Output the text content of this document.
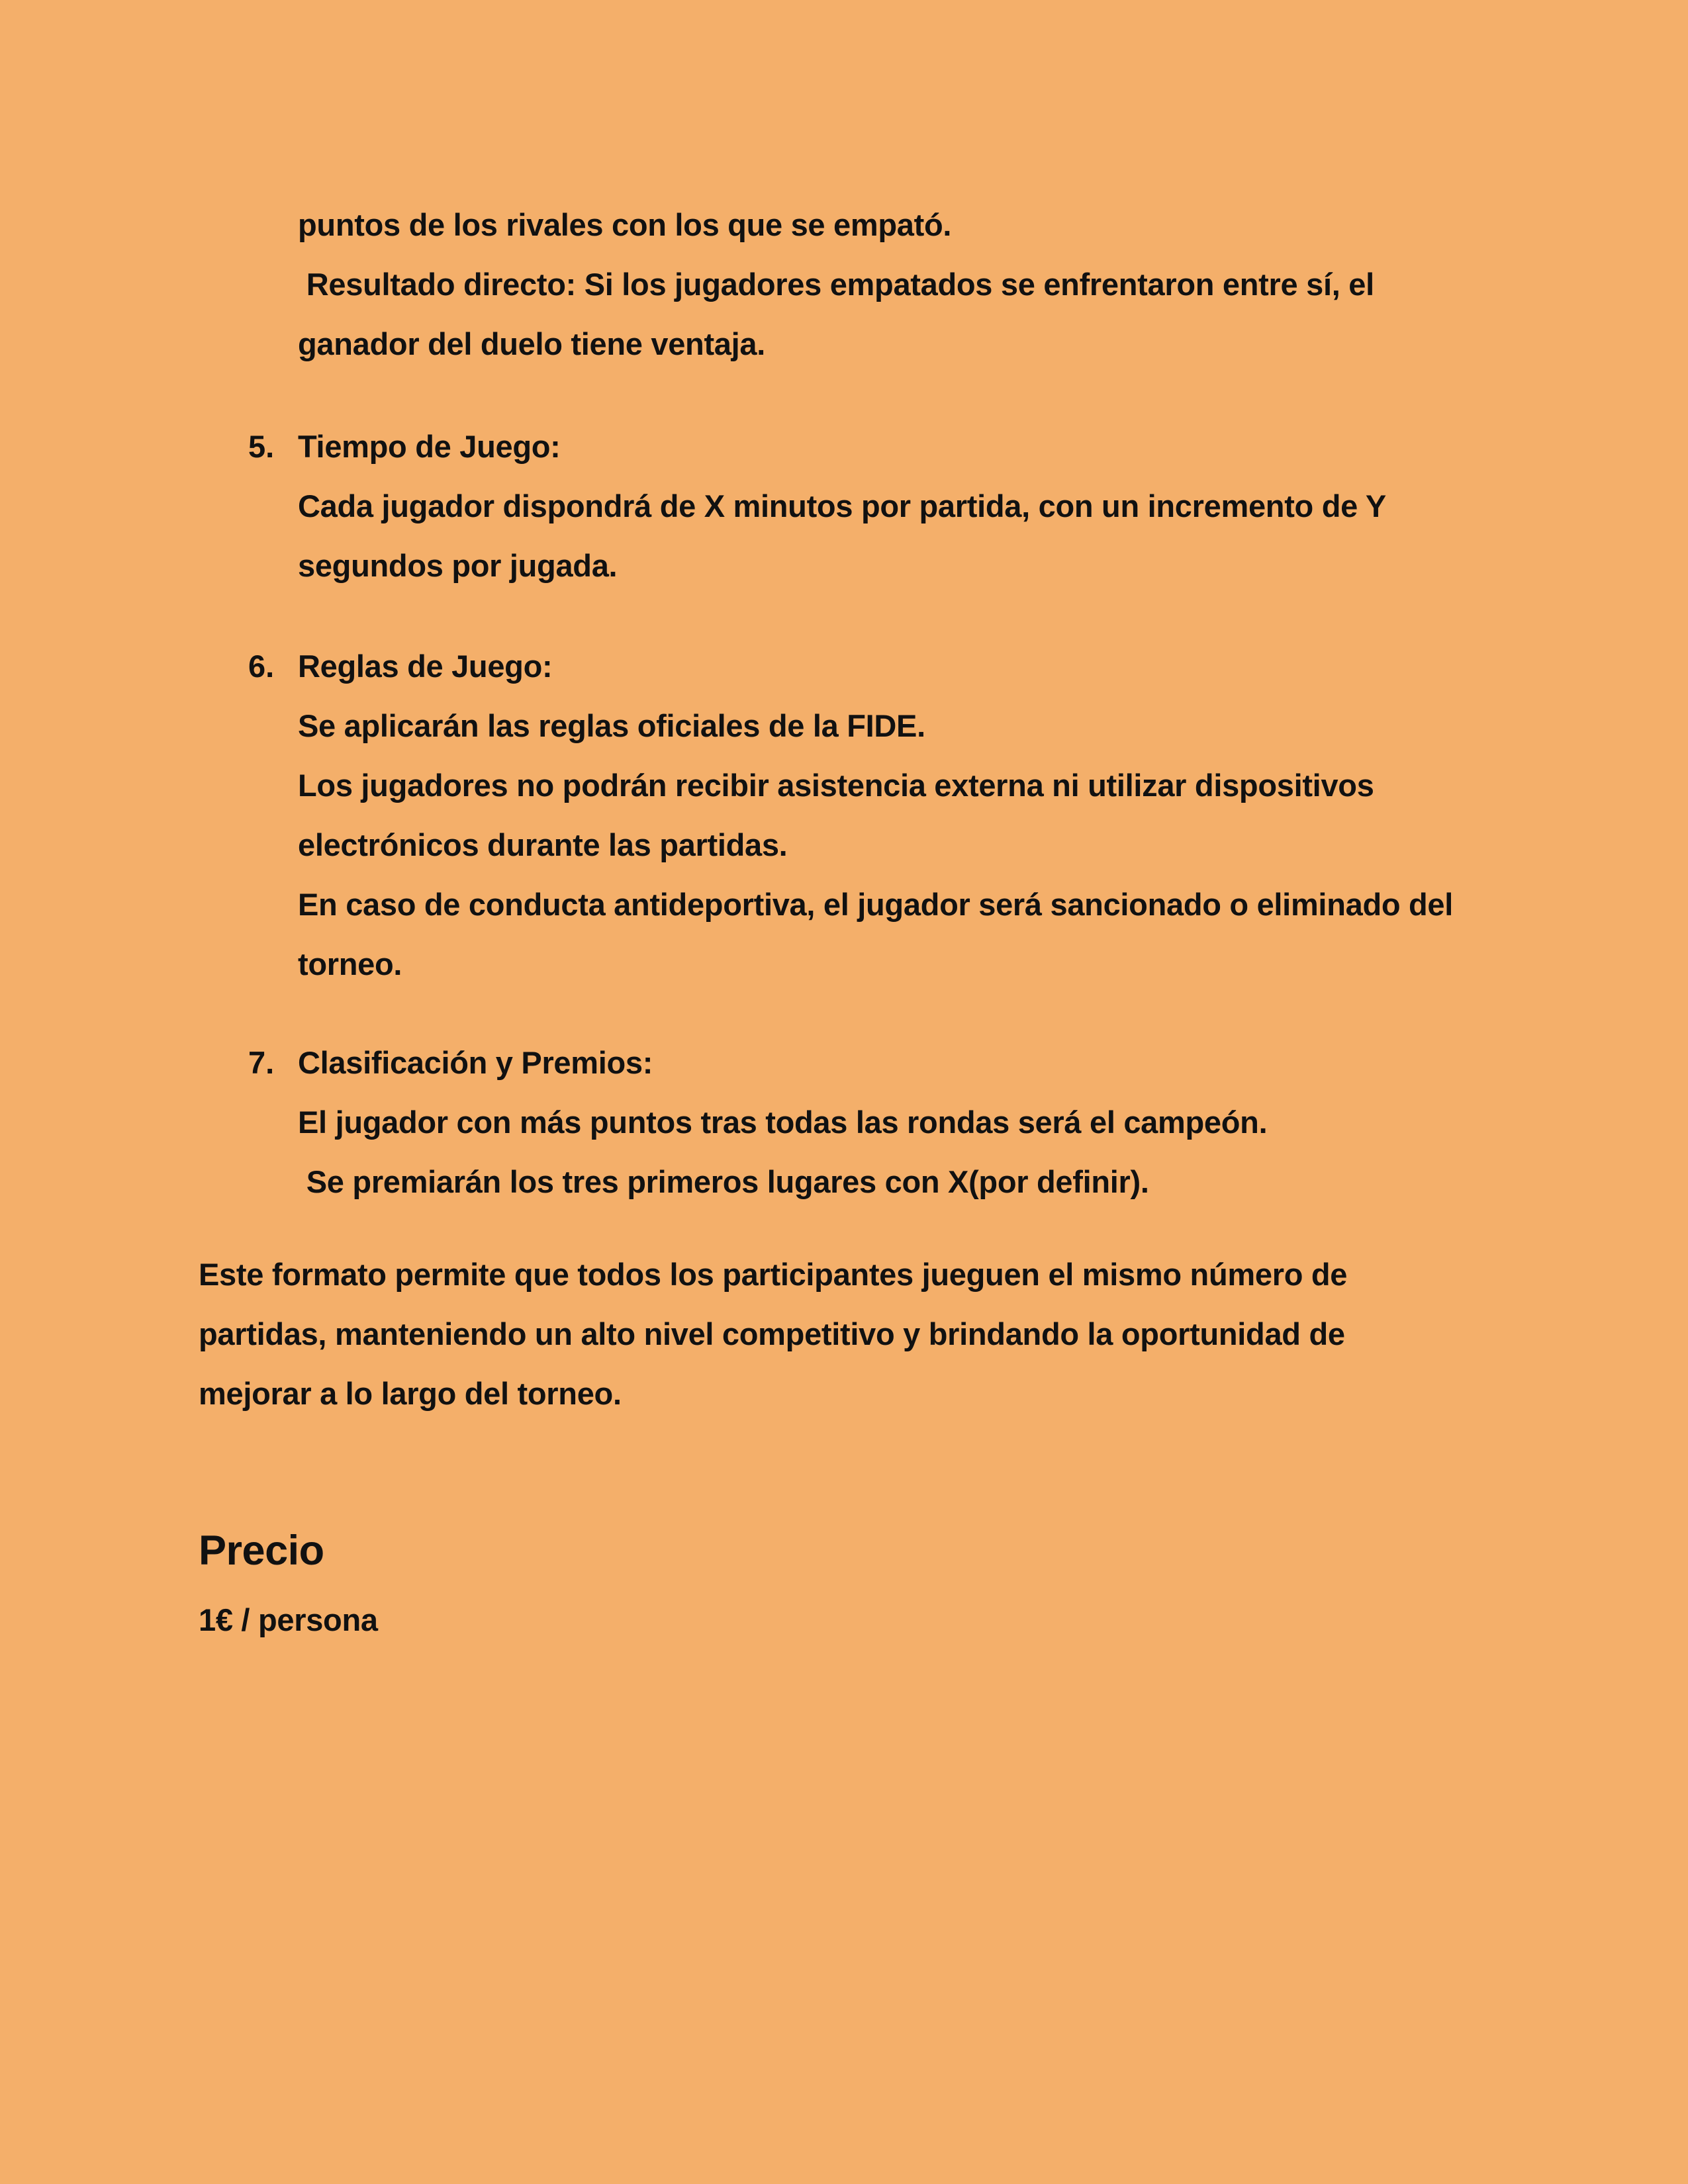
puntos de los rivales con los que se empató.
Resultado directo: Si los jugadores empatados se enfrentaron entre sí, el
ganador del duelo tiene ventaja.
5. Tiempo de Juego:
Cada jugador dispondrá de X minutos por partida, con un incremento de Y
segundos por jugada.
6. Reglas de Juego:
Se aplicarán las reglas oficiales de la FIDE.
Los jugadores no podrán recibir asistencia externa ni utilizar dispositivos
electrónicos durante las partidas.
En caso de conducta antideportiva, el jugador será sancionado o eliminado del
torneo.
7. Clasificación y Premios:
El jugador con más puntos tras todas las rondas será el campeón.
Se premiarán los tres primeros lugares con X(por definir).
Este formato permite que todos los participantes jueguen el mismo número de
partidas, manteniendo un alto nivel competitivo y brindando la oportunidad de
mejorar a lo largo del torneo.
Precio
1€ / persona
